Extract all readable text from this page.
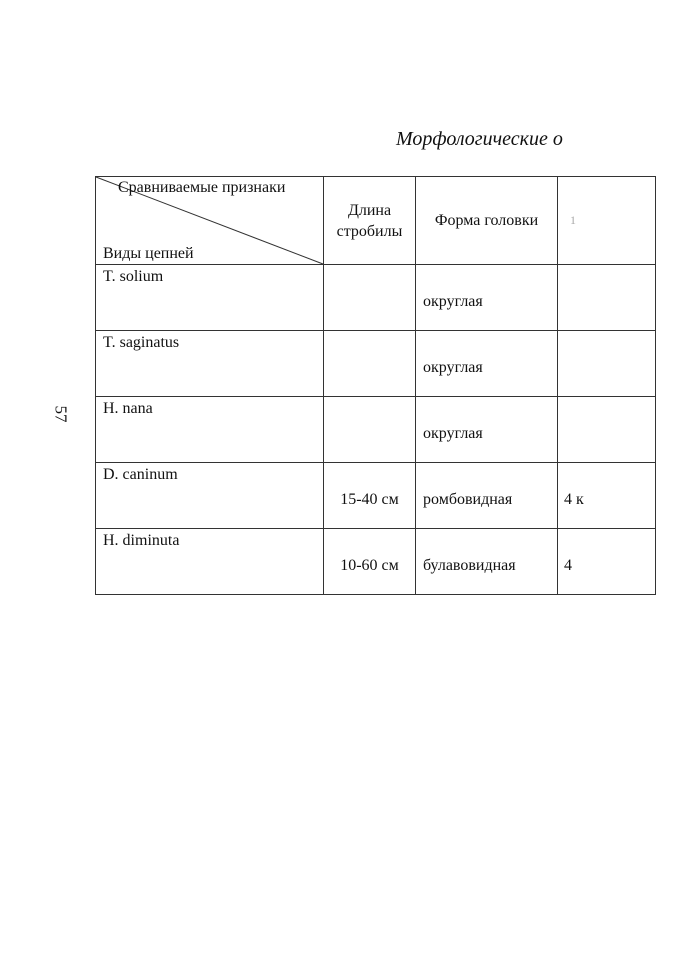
57
Морфологические о
Сравниваемые признаки
Виды цепней	Длина стробилы	Форма головки	1
T. solium		округлая	
T. saginatus		округлая	
H. nana		округлая	
D. caninum	15-40 см	ромбовидная	4 к
H. diminuta	10-60 см	булавовидная	4
